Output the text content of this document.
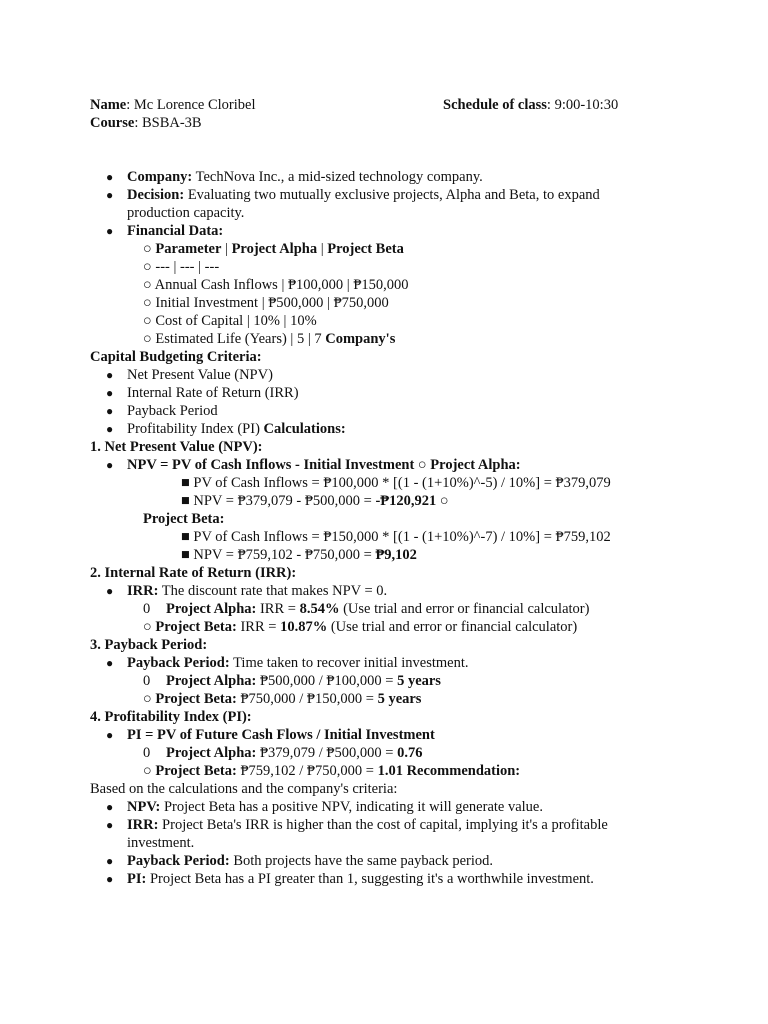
Name: Mc Lorence Cloribel	Schedule of class: 9:00-10:30
Course: BSBA-3B
● Company: TechNova Inc., a mid-sized technology company.
● Decision: Evaluating two mutually exclusive projects, Alpha and Beta, to expand
production capacity.
● Financial Data:
○ Parameter | Project Alpha | Project Beta
○ --- | --- | ---
○ Annual Cash Inflows | ₱100,000 | ₱150,000
○ Initial Investment | ₱500,000 | ₱750,000
○ Cost of Capital | 10% | 10%
○ Estimated Life (Years) | 5 | 7 Company's
Capital Budgeting Criteria:
● Net Present Value (NPV)
● Internal Rate of Return (IRR)
● Payback Period
● Profitability Index (PI) Calculations:
1. Net Present Value (NPV):
● NPV = PV of Cash Inflows - Initial Investment ○ Project Alpha:
■ PV of Cash Inflows = ₱100,000 * [(1 - (1+10%)^-5) / 10%] = ₱379,079
■ NPV = ₱379,079 - ₱500,000 = -₱120,921 ○
Project Beta:
■ PV of Cash Inflows = ₱150,000 * [(1 - (1+10%)^-7) / 10%] = ₱759,102
■ NPV = ₱759,102 - ₱750,000 = ₱9,102
2. Internal Rate of Return (IRR):
● IRR: The discount rate that makes NPV = 0.
0 Project Alpha: IRR = 8.54% (Use trial and error or financial calculator)
○ Project Beta: IRR = 10.87% (Use trial and error or financial calculator)
3. Payback Period:
● Payback Period: Time taken to recover initial investment.
0 Project Alpha: ₱500,000 / ₱100,000 = 5 years
○ Project Beta: ₱750,000 / ₱150,000 = 5 years
4. Profitability Index (PI):
● PI = PV of Future Cash Flows / Initial Investment
0 Project Alpha: ₱379,079 / ₱500,000 = 0.76
○ Project Beta: ₱759,102 / ₱750,000 = 1.01 Recommendation:
Based on the calculations and the company's criteria:
● NPV: Project Beta has a positive NPV, indicating it will generate value.
● IRR: Project Beta's IRR is higher than the cost of capital, implying it's a profitable
investment.
● Payback Period: Both projects have the same payback period.
● PI: Project Beta has a PI greater than 1, suggesting it's a worthwhile investment.
